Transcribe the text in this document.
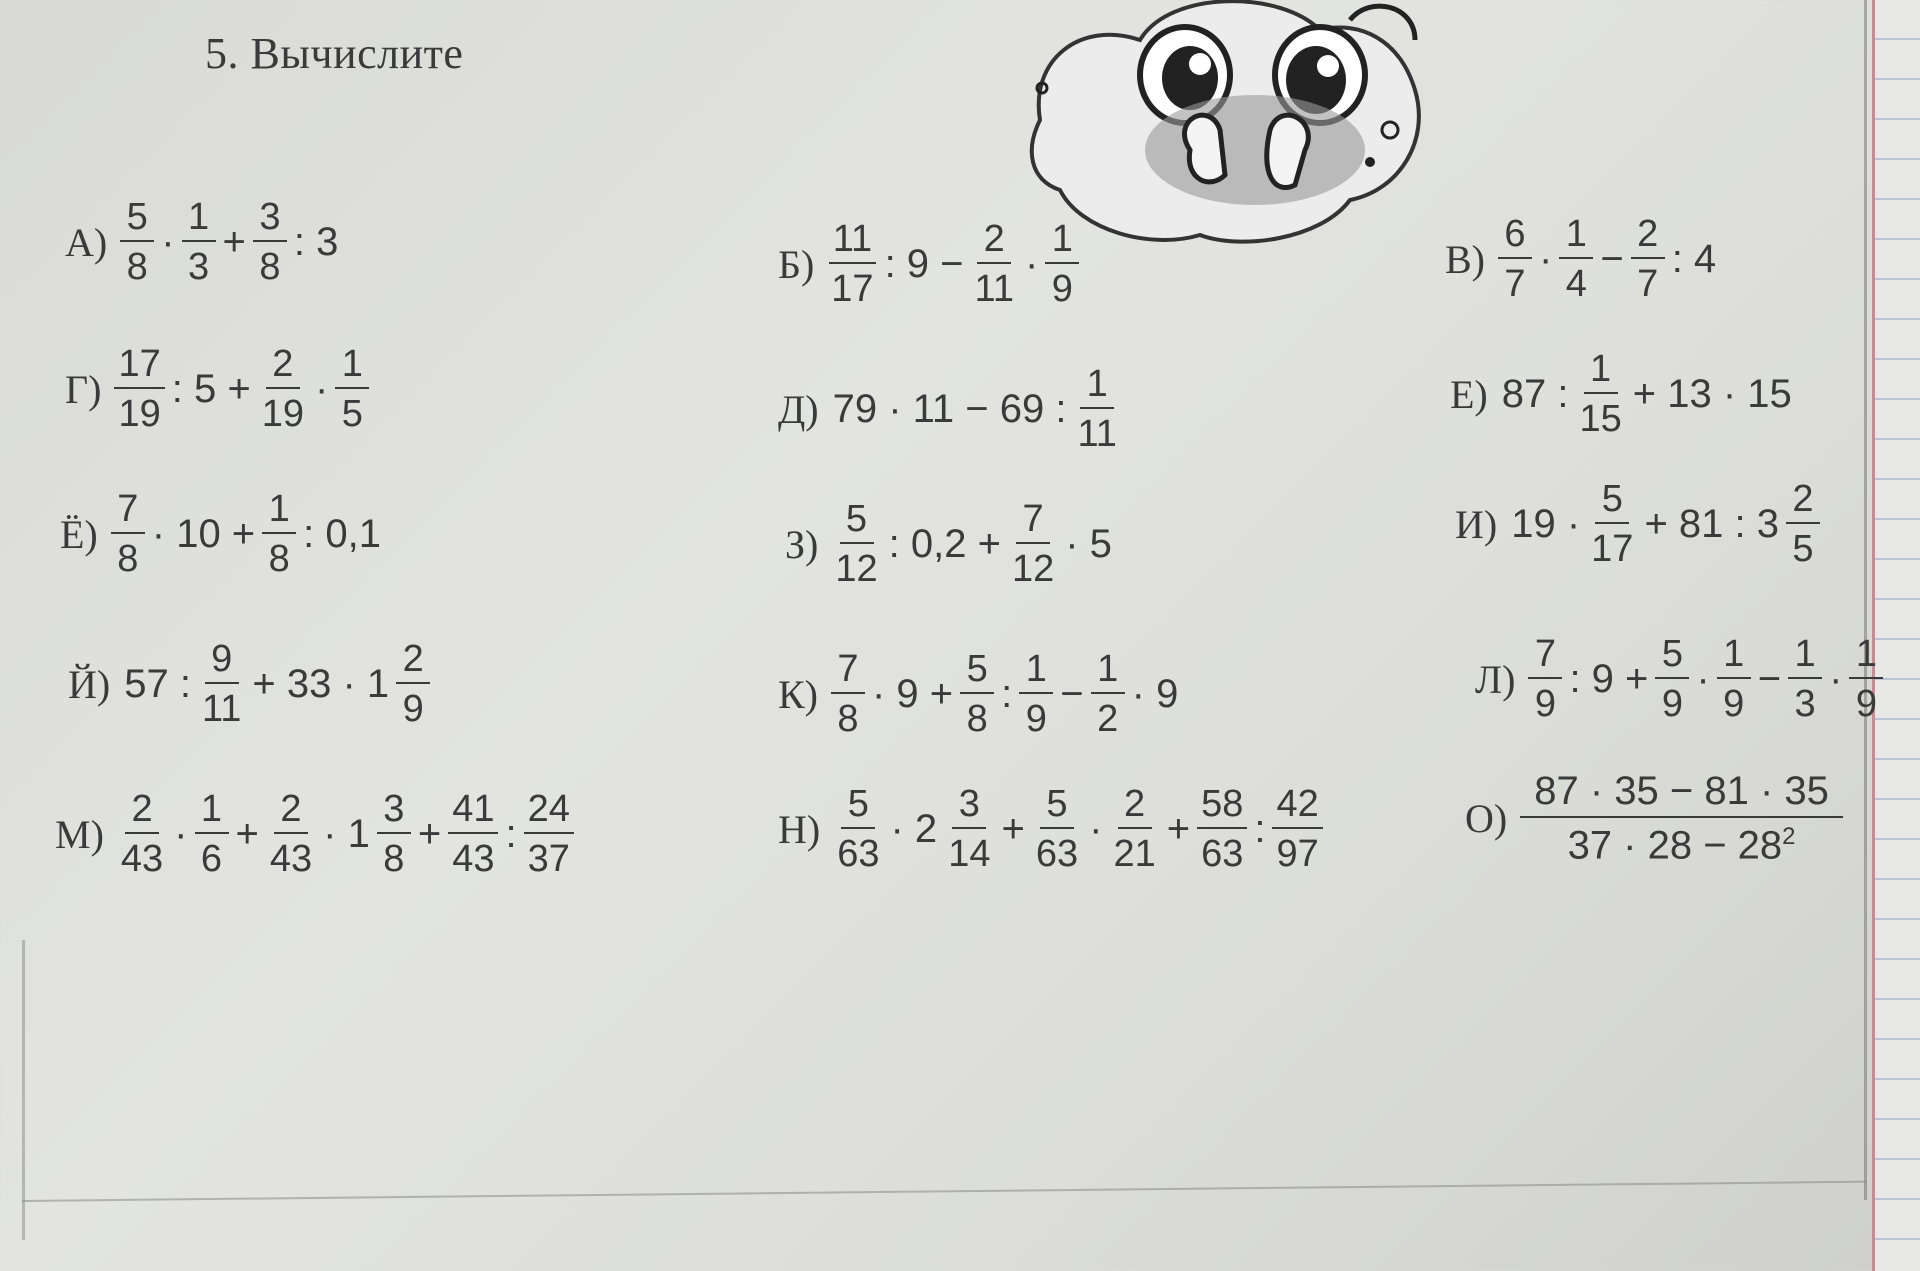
5. Вычислите
$А) \frac{5}{8} \cdot \frac{1}{3} + \frac{3}{8}$ : 3	$Б) \frac{11}{17}$ : $9 - \frac{2}{11} \cdot \frac{1}{9}$	$В) \frac{6}{7} \cdot \frac{1}{4} - \frac{2}{7}$ : 4
$Г) \frac{17}{19}$ : $5 + \frac{2}{19} \cdot \frac{1}{5}$	Д) 79 · 11 − 69 : $\frac{1}{11}$	Е) 87 : $\frac{1}{15} + 13 \cdot 15$
$Ё) \frac{7}{8} \cdot 10 + \frac{1}{8}$ : 0,1	$З) \frac{5}{12}$ : $0,2 + \frac{7}{12} \cdot 5$	И) $19 \cdot \frac{5}{17} + 81$ : $3 \frac{2}{5}$
Й) 57 : $\frac{9}{11} + 33 \cdot 1 \frac{2}{9}$	$К) \frac{7}{8} \cdot 9 + \frac{5}{8}$ : $\frac{1}{9} - \frac{1}{2} \cdot 9$	$Л) \frac{7}{9}$ : $9 + \frac{5}{9} \cdot \frac{1}{9} - \frac{1}{3} \cdot \frac{1}{9}$
$М) \frac{2}{43} \cdot \frac{1}{6} + \frac{2}{43} \cdot 1 \frac{3}{8} + \frac{41}{43}$ : $\frac{24}{37}$	$Н) \frac{5}{63} \cdot 2 \frac{3}{14} + \frac{5}{63} \cdot \frac{2}{21} + \frac{58}{63}$ : $\frac{42}{97}$	$О) \frac{87 \cdot 35 - 81 \cdot 35}{37 \cdot 28 - 28^2}$
